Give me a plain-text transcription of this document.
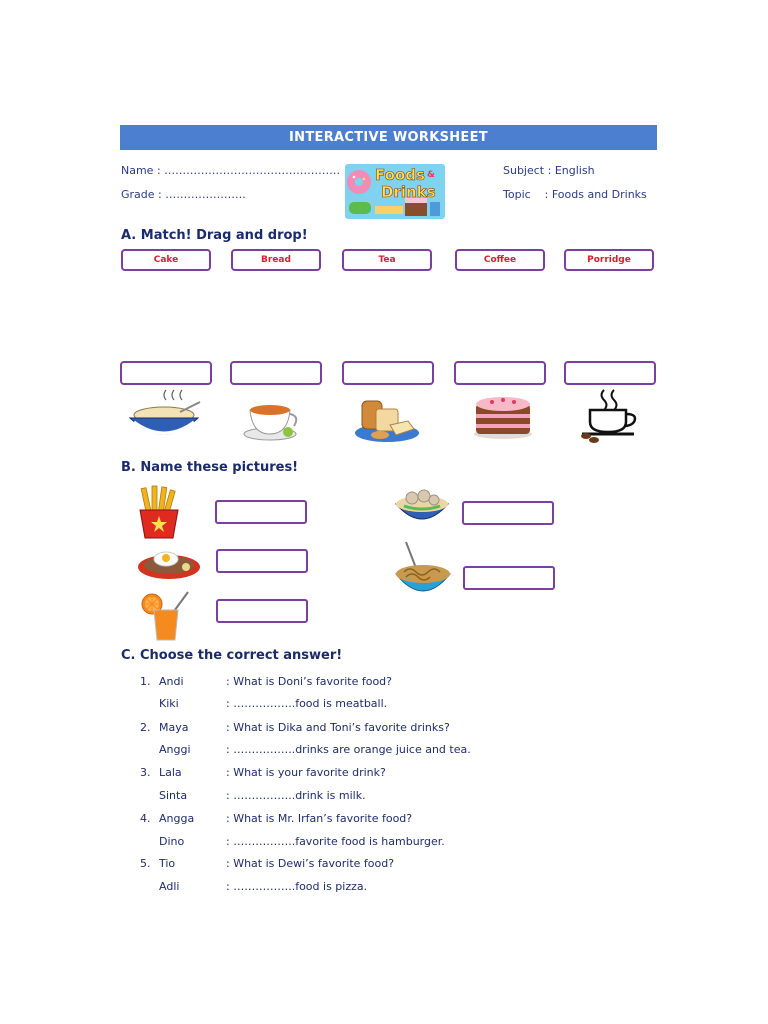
INTERACTIVE WORKSHEET
Name : …………………………………………
Grade : ………………….
Subject : English
Topic    : Foods and Drinks
Foods &
Drinks
A. Match! Drag and drop!
Cake	Bread	Tea	Coffee	Porridge
B. Name these pictures!
C. Choose the correct answer!
1. Andi	: What is Doni’s favorite food?
Kiki	: ……………..food is meatball.
2. Maya	: What is Dika and Toni’s favorite drinks?
Anggi	: ……………..drinks are orange juice and tea.
3. Lala	: What is your favorite drink?
Sinta	: ……………..drink is milk.
4. Angga	: What is Mr. Irfan’s favorite food?
Dino	: ……………..favorite food is hamburger.
5. Tio	: What is Dewi’s favorite food?
Adli	: ……………..food is pizza.
